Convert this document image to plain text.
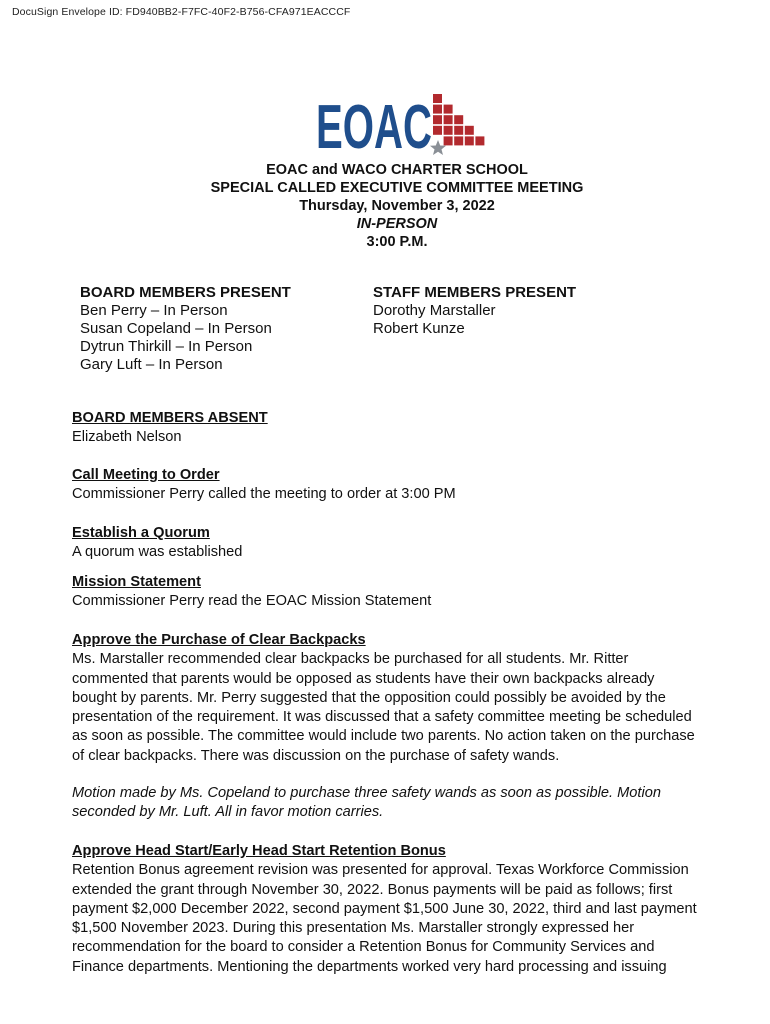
DocuSign Envelope ID: FD940BB2-F7FC-40F2-B756-CFA971EACCCF
EOAC
EOAC and WACO CHARTER SCHOOL
SPECIAL CALLED EXECUTIVE COMMITTEE MEETING
Thursday, November 3, 2022
IN-PERSON
3:00 P.M.
BOARD MEMBERS PRESENT
Ben Perry – In Person
Susan Copeland – In Person
Dytrun Thirkill – In Person
Gary Luft – In Person
STAFF MEMBERS PRESENT
Dorothy Marstaller
Robert Kunze
BOARD MEMBERS ABSENT
Elizabeth Nelson
Call Meeting to Order
Commissioner Perry called the meeting to order at 3:00 PM
Establish a Quorum
A quorum was established
Mission Statement
Commissioner Perry read the EOAC Mission Statement
Approve the Purchase of Clear Backpacks
Ms. Marstaller recommended clear backpacks be purchased for all students. Mr. Ritter
commented that parents would be opposed as students have their own backpacks already
bought by parents. Mr. Perry suggested that the opposition could possibly be avoided by the
presentation of the requirement. It was discussed that a safety committee meeting be scheduled
as soon as possible. The committee would include two parents. No action taken on the purchase
of clear backpacks. There was discussion on the purchase of safety wands.
Motion made by Ms. Copeland to purchase three safety wands as soon as possible. Motion
seconded by Mr. Luft. All in favor motion carries.
Approve Head Start/Early Head Start Retention Bonus
Retention Bonus agreement revision was presented for approval. Texas Workforce Commission
extended the grant through November 30, 2022. Bonus payments will be paid as follows; first
payment $2,000 December 2022, second payment $1,500 June 30, 2022, third and last payment
$1,500 November 2023. During this presentation Ms. Marstaller strongly expressed her
recommendation for the board to consider a Retention Bonus for Community Services and
Finance departments. Mentioning the departments worked very hard processing and issuing
